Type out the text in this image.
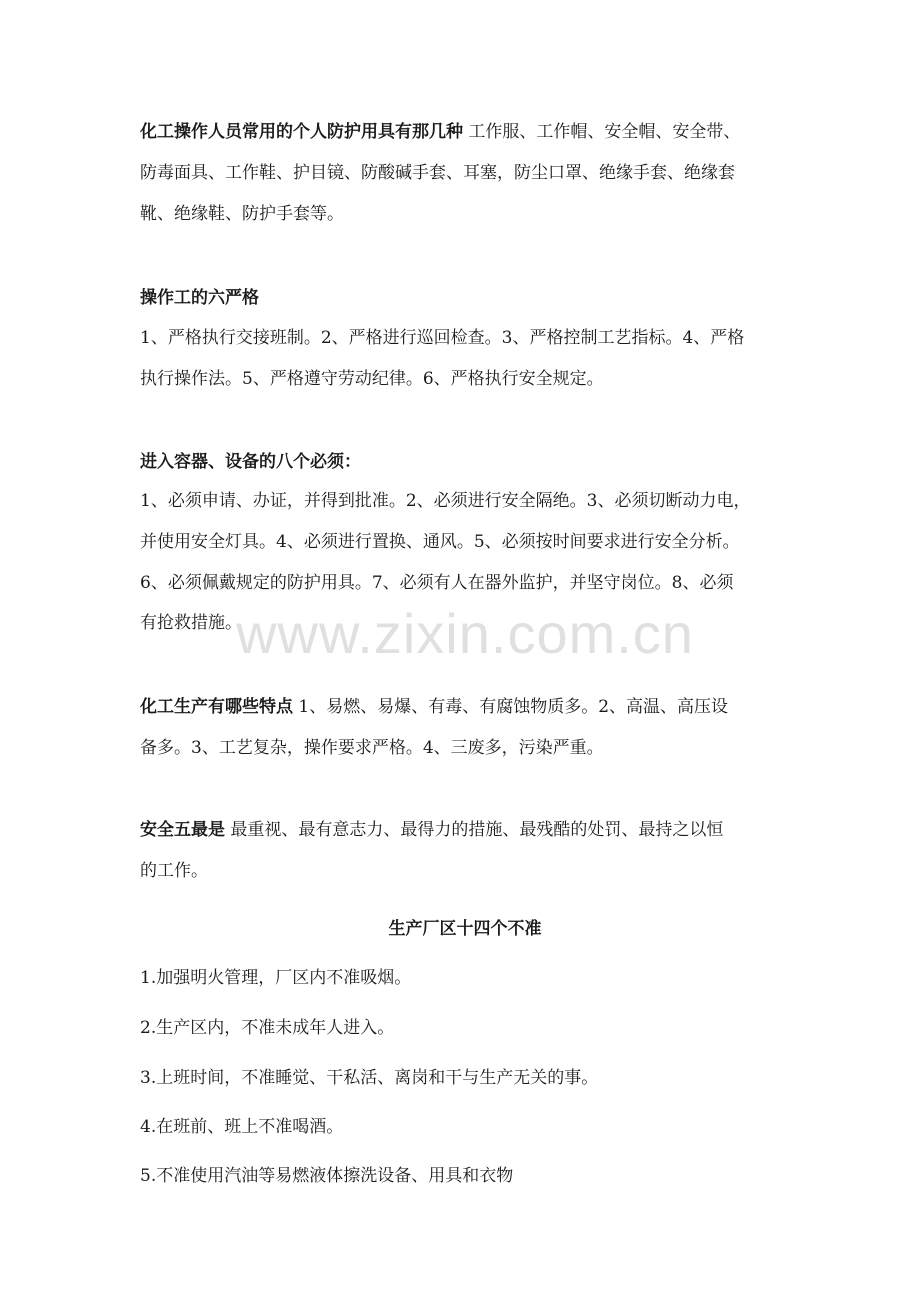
化工操作人员常用的个人防护用具有那几种 工作服、工作帽、安全帽、安全带、
防毒面具、工作鞋、护目镜、防酸碱手套、耳塞，防尘口罩、绝缘手套、绝缘套
靴、绝缘鞋、防护手套等。
操作工的六严格
1、严格执行交接班制。2、严格进行巡回检查。3、严格控制工艺指标。4、严格
执行操作法。5、严格遵守劳动纪律。6、严格执行安全规定。
进入容器、设备的八个必须：
1、必须申请、办证，并得到批准。2、必须进行安全隔绝。3、必须切断动力电，
并使用安全灯具。4、必须进行置换、通风。5、必须按时间要求进行安全分析。
6、必须佩戴规定的防护用具。7、必须有人在器外监护，并坚守岗位。8、必须
有抢救措施。
化工生产有哪些特点 1、易燃、易爆、有毒、有腐蚀物质多。2、高温、高压设
备多。3、工艺复杂，操作要求严格。4、三废多，污染严重。
安全五最是 最重视、最有意志力、最得力的措施、最残酷的处罚、最持之以恒
的工作。
生产厂区十四个不准
1.加强明火管理，厂区内不准吸烟。
2.生产区内，不准未成年人进入。
3.上班时间，不准睡觉、干私活、离岗和干与生产无关的事。
4.在班前、班上不准喝酒。
5.不准使用汽油等易燃液体擦洗设备、用具和衣物
www.zixin.com.cn
